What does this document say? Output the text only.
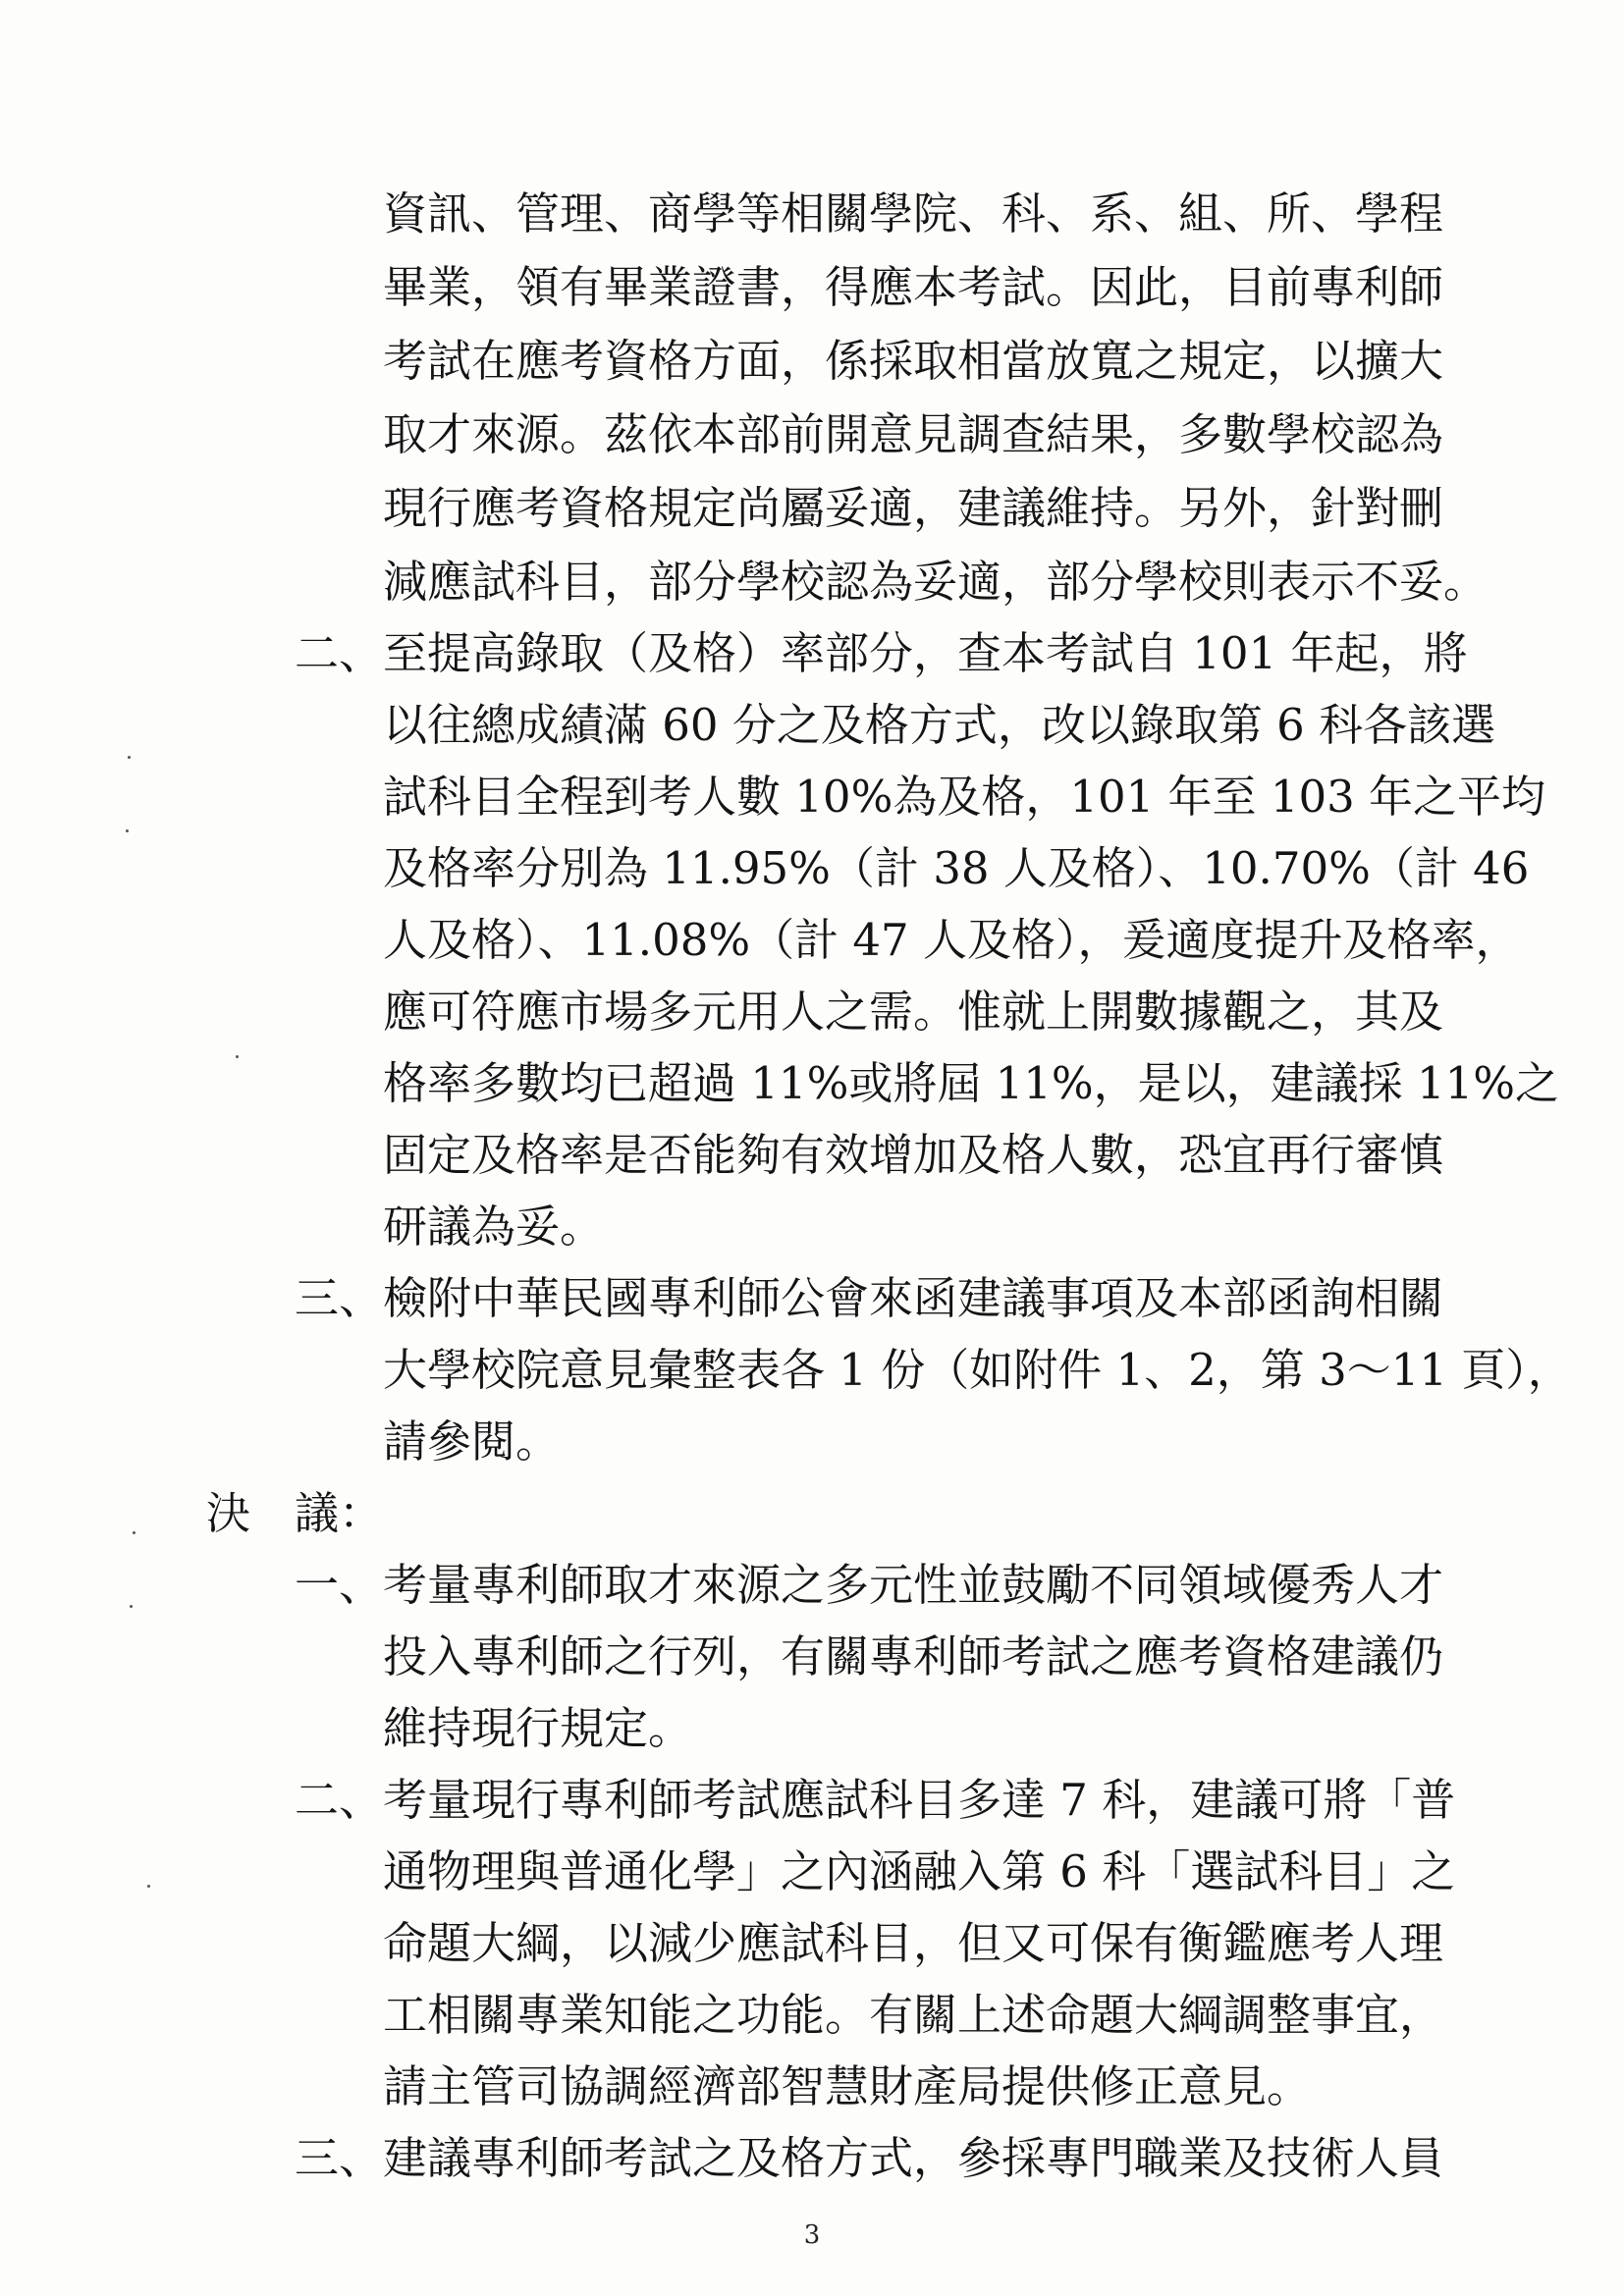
資訊、管理、商學等相關學院、科、系、組、所、學程

畢業，領有畢業證書，得應本考試。因此，目前專利師

考試在應考資格方面，係採取相當放寬之規定，以擴大

取才來源。茲依本部前開意見調查結果，多數學校認為

現行應考資格規定尚屬妥適，建議維持。另外，針對刪

減應試科目，部分學校認為妥適，部分學校則表示不妥。

二、至提高錄取（及格）率部分，查本考試自 101 年起，將

以往總成績滿 60 分之及格方式，改以錄取第 6 科各該選

試科目全程到考人數 10%為及格，101 年至 103 年之平均

及格率分別為 11.95%（計 38 人及格）、10.70%（計 46

人及格）、11.08%（計 47 人及格），爰適度提升及格率，

應可符應市場多元用人之需。惟就上開數據觀之，其及

格率多數均已超過 11%或將屆 11%，是以，建議採 11%之

固定及格率是否能夠有效增加及格人數，恐宜再行審慎

研議為妥。

三、檢附中華民國專利師公會來函建議事項及本部函詢相關

大學校院意見彙整表各 1 份（如附件 1、2，第 3～11 頁），

請參閱。

決　議：

一、考量專利師取才來源之多元性並鼓勵不同領域優秀人才

投入專利師之行列，有關專利師考試之應考資格建議仍

維持現行規定。

二、考量現行專利師考試應試科目多達 7 科，建議可將「普

通物理與普通化學」之內涵融入第 6 科「選試科目」之

命題大綱，以減少應試科目，但又可保有衡鑑應考人理

工相關專業知能之功能。有關上述命題大綱調整事宜，

請主管司協調經濟部智慧財產局提供修正意見。

三、建議專利師考試之及格方式，參採專門職業及技術人員

3
